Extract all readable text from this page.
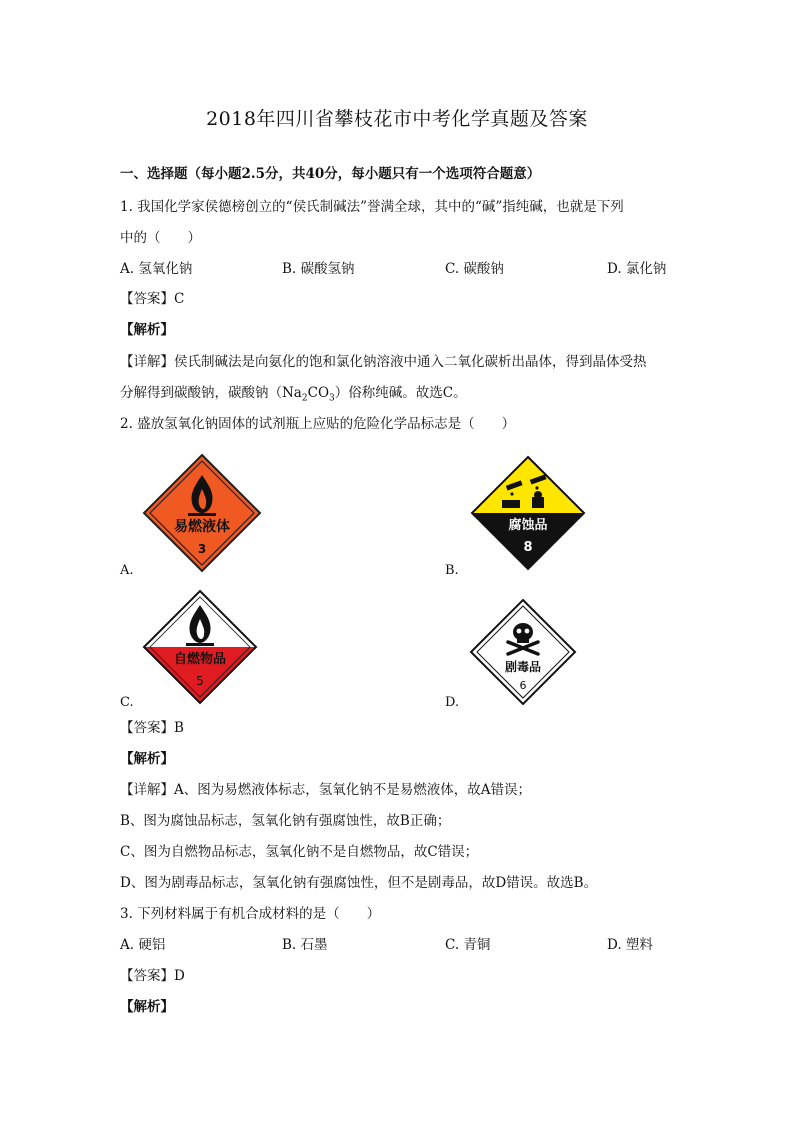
2018年四川省攀枝花市中考化学真题及答案
一、选择题（每小题2.5分，共40分，每小题只有一个选项符合题意）
1. 我国化学家侯德榜创立的“侯氏制碱法”誉满全球，其中的“碱”指纯碱，也就是下列
中的（　　）
A. 氢氧化钠	B. 碳酸氢钠	C. 碳酸钠	D. 氯化钠
【答案】C
【解析】
【详解】侯氏制碱法是向氨化的饱和氯化钠溶液中通入二氧化碳析出晶体，得到晶体受热
分解得到碳酸钠，碳酸钠$(Na_2CO_3)$俗称纯碱。故选C。
2. 盛放氢氧化钠固体的试剂瓶上应贴的危险化学品标志是（　　）
易燃液体
3
A.
腐蚀品
8
B.
自燃物品
5
C.
剧毒品
6
D.
【答案】B
【解析】
【详解】A、图为易燃液体标志，氢氧化钠不是易燃液体，故A错误；
B、图为腐蚀品标志，氢氧化钠有强腐蚀性，故B正确；
C、图为自燃物品标志，氢氧化钠不是自燃物品，故C错误；
D、图为剧毒品标志，氢氧化钠有强腐蚀性，但不是剧毒品，故D错误。故选B。
3. 下列材料属于有机合成材料的是（　　）
A. 硬铝	B. 石墨	C. 青铜	D. 塑料
【答案】D
【解析】
